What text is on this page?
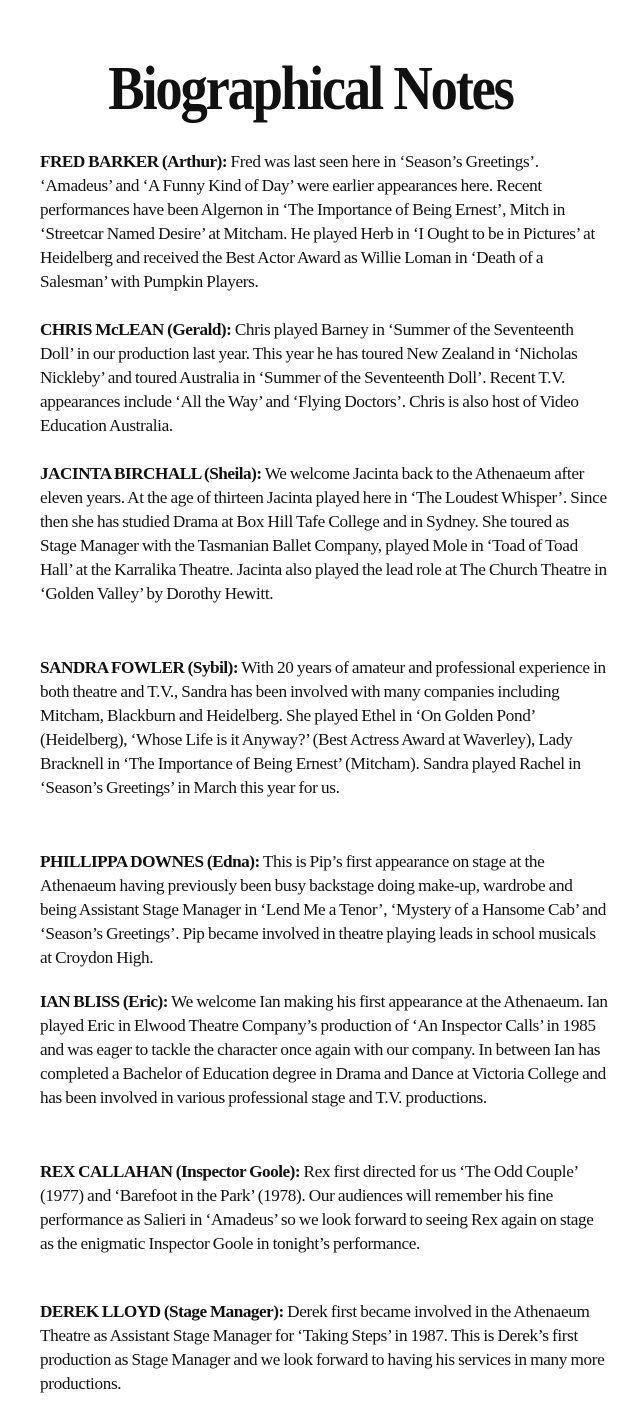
Biographical Notes

FRED BARKER (Arthur): Fred was last seen here in ‘Season’s Greetings’. ‘Amadeus’ and ‘A Funny Kind of Day’ were earlier appearances here. Recent performances have been Algernon in ‘The Importance of Being Ernest’, Mitch in ‘Streetcar Named Desire’ at Mitcham. He played Herb in ‘I Ought to be in Pictures’ at Heidelberg and received the Best Actor Award as Willie Loman in ‘Death of a Salesman’ with Pumpkin Players.

CHRIS McLEAN (Gerald): Chris played Barney in ‘Summer of the Seventeenth Doll’ in our production last year. This year he has toured New Zealand in ‘Nicholas Nickleby’ and toured Australia in ‘Summer of the Seventeenth Doll’. Recent T.V. appearances include ‘All the Way’ and ‘Flying Doctors’. Chris is also host of Video Education Australia.

JACINTA BIRCHALL (Sheila): We welcome Jacinta back to the Athenaeum after eleven years. At the age of thirteen Jacinta played here in ‘The Loudest Whisper’. Since then she has studied Drama at Box Hill Tafe College and in Sydney. She toured as Stage Manager with the Tasmanian Ballet Company, played Mole in ‘Toad of Toad Hall’ at the Karralika Theatre. Jacinta also played the lead role at The Church Theatre in ‘Golden Valley’ by Dorothy Hewitt.

SANDRA FOWLER (Sybil): With 20 years of amateur and professional experience in both theatre and T.V., Sandra has been involved with many companies including Mitcham, Blackburn and Heidelberg. She played Ethel in ‘On Golden Pond’ (Heidelberg), ‘Whose Life is it Anyway?’ (Best Actress Award at Waverley), Lady Bracknell in ‘The Importance of Being Ernest’ (Mitcham). Sandra played Rachel in ‘Season’s Greetings’ in March this year for us.

PHILLIPPA DOWNES (Edna): This is Pip’s first appearance on stage at the Athenaeum having previously been busy backstage doing make-up, wardrobe and being Assistant Stage Manager in ‘Lend Me a Tenor’, ‘Mystery of a Hansome Cab’ and ‘Season’s Greetings’. Pip became involved in theatre playing leads in school musicals at Croydon High.

IAN BLISS (Eric): We welcome Ian making his first appearance at the Athenaeum. Ian played Eric in Elwood Theatre Company’s production of ‘An Inspector Calls’ in 1985 and was eager to tackle the character once again with our company. In between Ian has completed a Bachelor of Education degree in Drama and Dance at Victoria College and has been involved in various professional stage and T.V. productions.

REX CALLAHAN (Inspector Goole): Rex first directed for us ‘The Odd Couple’ (1977) and ‘Barefoot in the Park’ (1978). Our audiences will remember his fine performance as Salieri in ‘Amadeus’ so we look forward to seeing Rex again on stage as the enigmatic Inspector Goole in tonight’s performance.

DEREK LLOYD (Stage Manager): Derek first became involved in the Athenaeum Theatre as Assistant Stage Manager for ‘Taking Steps’ in 1987. This is Derek’s first production as Stage Manager and we look forward to having his services in many more productions.
